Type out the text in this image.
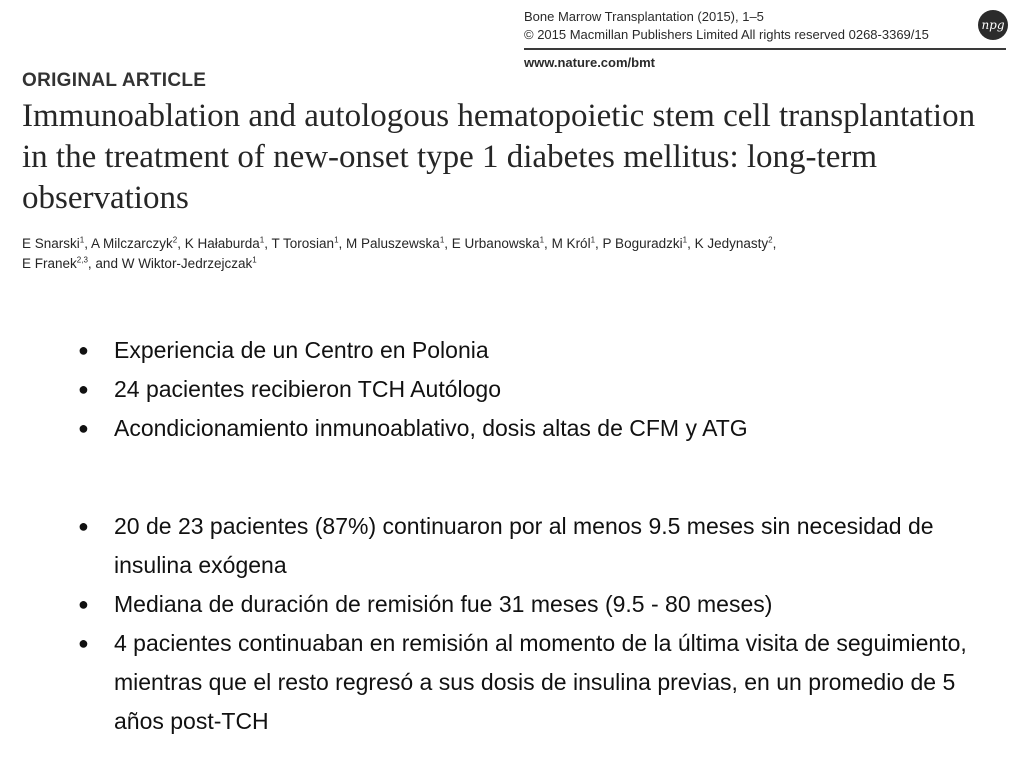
Bone Marrow Transplantation (2015), 1–5
© 2015 Macmillan Publishers Limited All rights reserved 0268-3369/15
www.nature.com/bmt
npg
ORIGINAL ARTICLE
Immunoablation and autologous hematopoietic stem cell transplantation in the treatment of new-onset type 1 diabetes mellitus: long-term observations
E Snarski$^1$, A Milczarczyk$^2$, K Hałaburda$^1$, T Torosian$^1$, M Paluszewska$^1$, E Urbanowska$^1$, M Król$^1$, P Boguradzki$^1$, K Jedynasty$^2$,
E Franek$^{2,3}$, and W Wiktor-Jedrzejczak$^1$
● Experiencia de un Centro en Polonia
● 24 pacientes recibieron TCH Autólogo
● Acondicionamiento inmunoablativo, dosis altas de CFM y ATG
● 20 de 23 pacientes (87%) continuaron por al menos 9.5 meses sin necesidad de insulina exógena
● Mediana de duración de remisión fue 31 meses (9.5 - 80 meses)
● 4 pacientes continuaban en remisión al momento de la última visita de seguimiento, mientras que el resto regresó a sus dosis de insulina previas, en un promedio de 5 años post-TCH
